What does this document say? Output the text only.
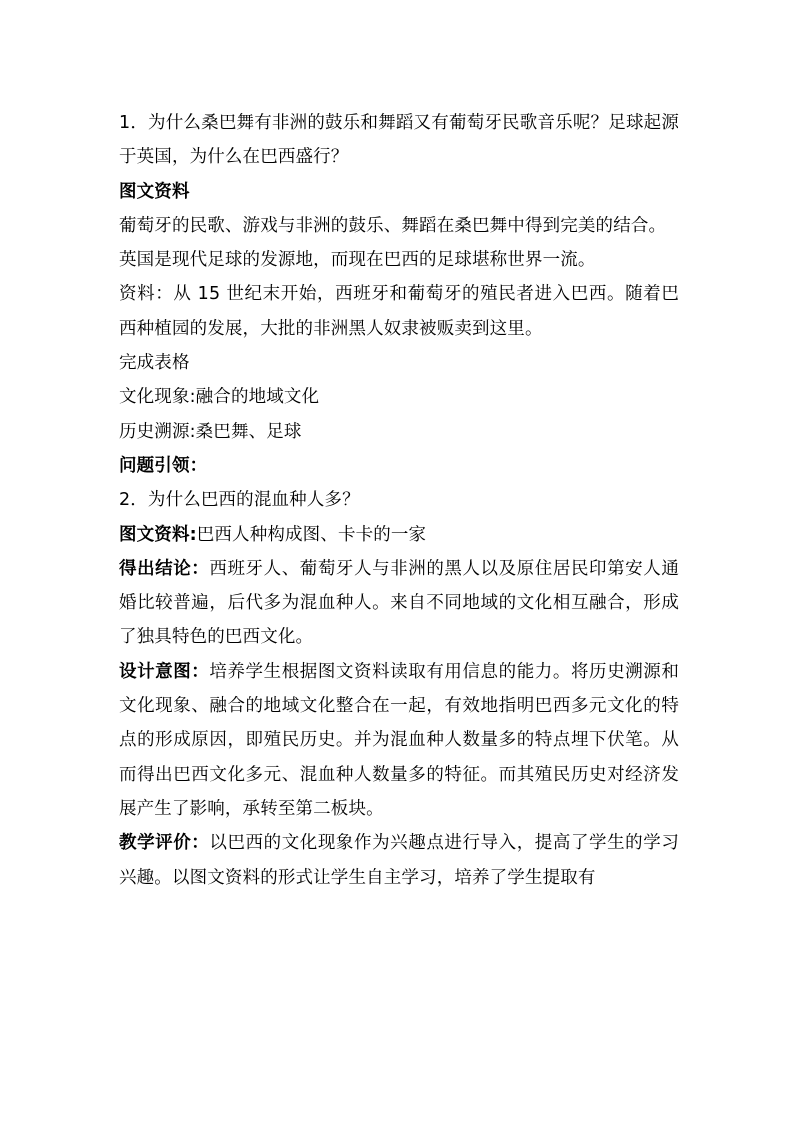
1．为什么桑巴舞有非洲的鼓乐和舞蹈又有葡萄牙民歌音乐呢？足球起源于英国，为什么在巴西盛行？

图文资料

葡萄牙的民歌、游戏与非洲的鼓乐、舞蹈在桑巴舞中得到完美的结合。

英国是现代足球的发源地，而现在巴西的足球堪称世界一流。

资料：从 15 世纪末开始，西班牙和葡萄牙的殖民者进入巴西。随着巴西种植园的发展，大批的非洲黑人奴隶被贩卖到这里。

完成表格

文化现象:融合的地域文化

历史溯源:桑巴舞、足球

问题引领：

2．为什么巴西的混血种人多？

图文资料:巴西人种构成图、卡卡的一家

得出结论：西班牙人、葡萄牙人与非洲的黑人以及原住居民印第安人通婚比较普遍，后代多为混血种人。来自不同地域的文化相互融合，形成了独具特色的巴西文化。

设计意图：培养学生根据图文资料读取有用信息的能力。将历史溯源和文化现象、融合的地域文化整合在一起，有效地指明巴西多元文化的特点的形成原因，即殖民历史。并为混血种人数量多的特点埋下伏笔。从而得出巴西文化多元、混血种人数量多的特征。而其殖民历史对经济发展产生了影响，承转至第二板块。

教学评价：以巴西的文化现象作为兴趣点进行导入，提高了学生的学习兴趣。以图文资料的形式让学生自主学习，培养了学生提取有
